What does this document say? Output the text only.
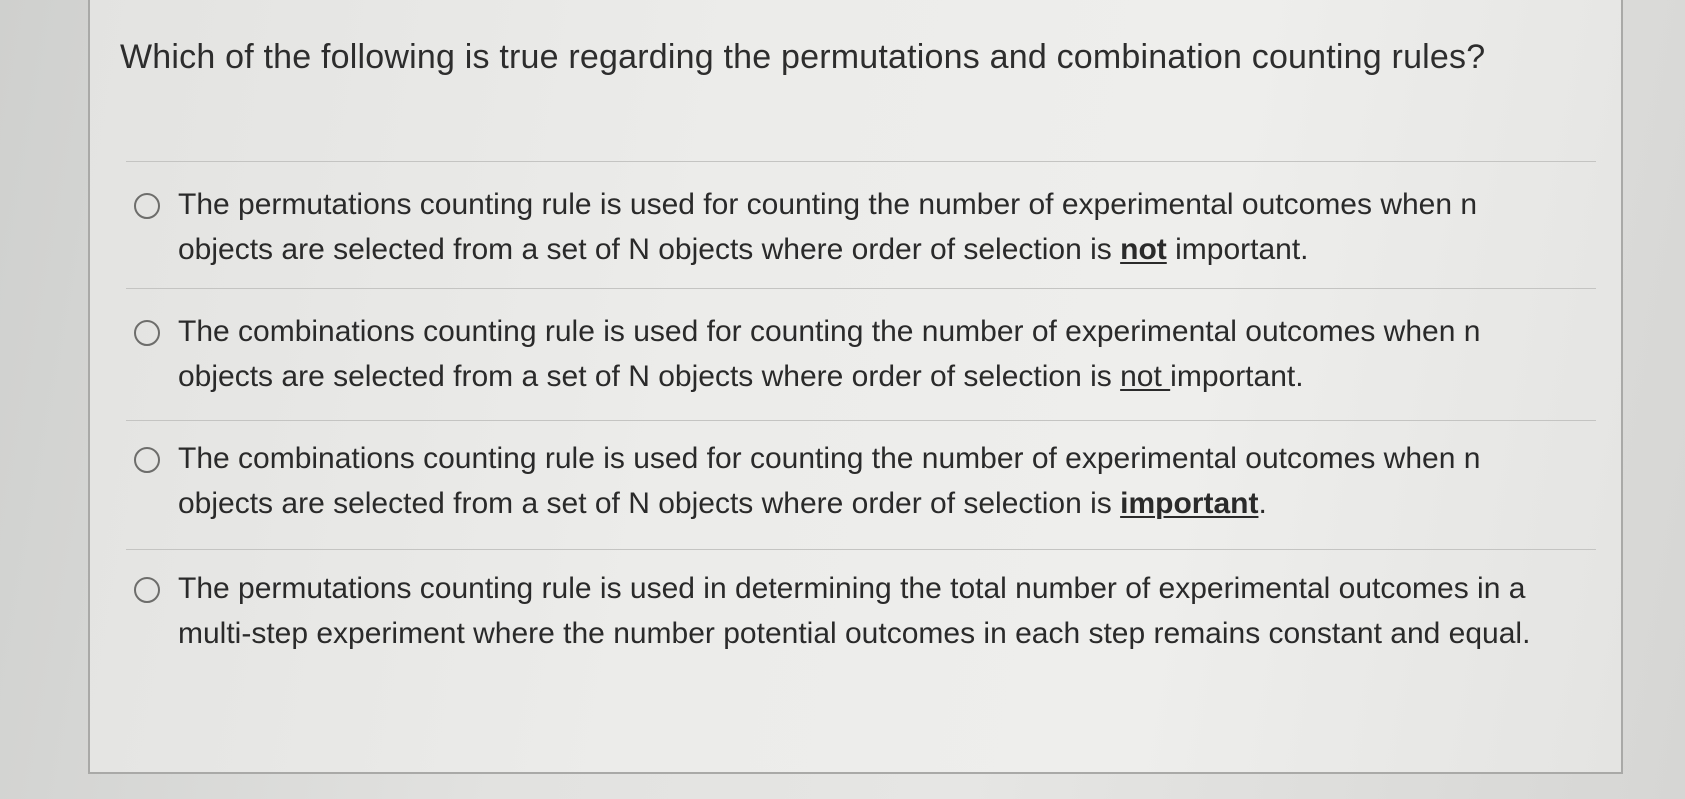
Which of the following is true regarding the permutations and combination counting rules?
The permutations counting rule is used for counting the number of experimental outcomes when n objects are selected from a set of N objects where order of selection is not important.
The combinations counting rule is used for counting the number of experimental outcomes when n objects are selected from a set of N objects where order of selection is not important.
The combinations counting rule is used for counting the number of experimental outcomes when n objects are selected from a set of N objects where order of selection is important.
The permutations counting rule is used in determining the total number of experimental outcomes in a multi-step experiment where the number potential outcomes in each step remains constant and equal.
